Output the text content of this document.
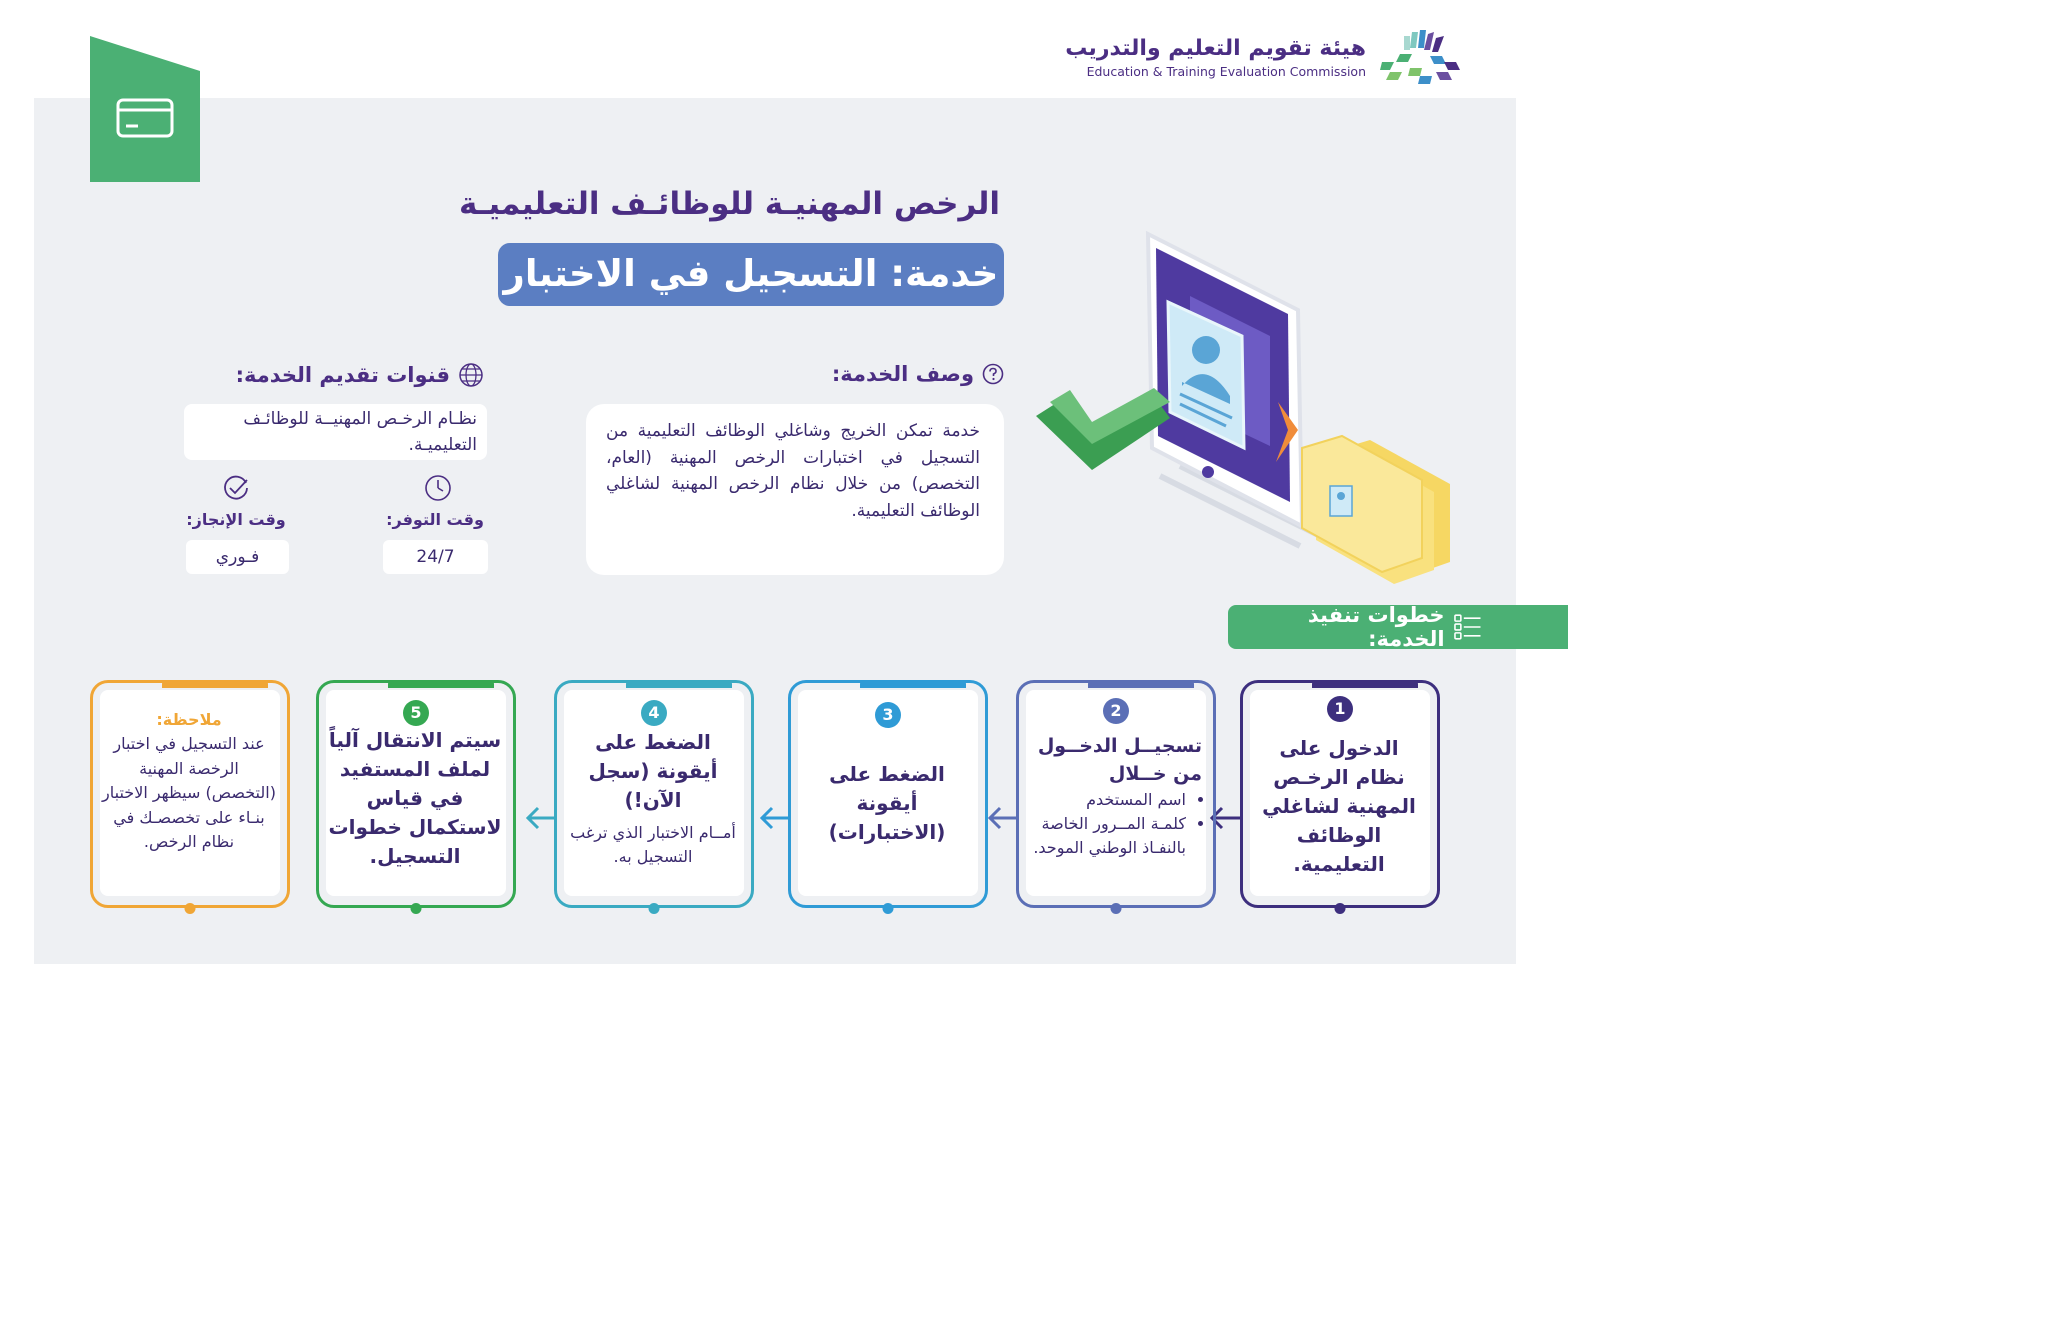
هيئة تقويم التعليم والتدريب
Education & Training Evaluation Commission
الرخص المهنيـة للوظائـف التعليميـة
خدمة: التسجيل في الاختبار
وصف الخدمة:
خدمة تمكن الخريج وشاغلي الوظائف التعليمية من التسجيل في اختبارات الرخص المهنية (العام، التخصص) من خلال نظام الرخص المهنية لشاغلي الوظائف التعليمية.
قنوات تقديم الخدمة:
نظـام الرخـص المهنيــة للوظائـف التعليميـة.
وقت التوفر:
24/7
وقت الإنجاز:
فـوري
خطوات تنفيذ الخدمة:
1
الدخول على نظام الرخـص المهنية لشاغلي الوظائف التعليمية.
2
تسجيــل الدخــول من خــلال
• اسم المستخدم
• كلمـة المــرور الخاصة بالنفـاذ الوطني الموحد.
3
الضغط على أيقونة (الاختبارات)
4
الضغط على أيقونة (سجل الآن!)
أمــام الاختبار الذي ترغب التسجيل به.
5
سيتم الانتقال آلياً لملف المستفيد في قياس لاستكمال خطوات التسجيل.
ملاحظة:
عند التسجيل في اختبار الرخصة المهنية (التخصص) سيظهر الاختبار بنـاء على تخصصـك في نظام الرخص.
